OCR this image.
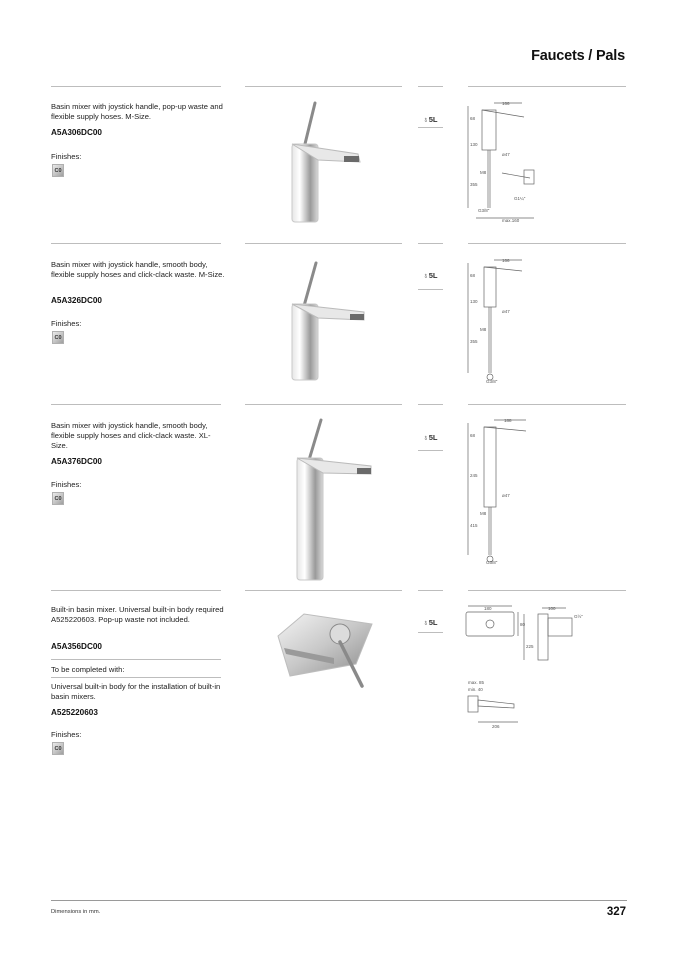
Faucets / Pals
Basin mixer with joystick handle, pop-up waste and flexible supply hoses. M-Size.
A5A306DC00
Finishes:
C0
♁5L
166
68
130
ø47
M8
355
G1¼"
G3/8"
max.160
Basin mixer with joystick handle, smooth body, flexible supply hoses and click-clack waste. M-Size.
A5A326DC00
Finishes:
C0
♁5L
166
68
130
ø47
M8
355
G3/8"
Basin mixer with joystick handle, smooth body, flexible supply hoses and click-clack waste. XL-Size.
A5A376DC00
Finishes:
C0
♁5L
188
68
245
ø47
M8
415
G3/8"
Built-in basin mixer. Universal built-in body required A525220603. Pop-up waste not included.
A5A356DC00
To be completed with:
Universal built-in body for the installation of built-in basin mixers.
A525220603
Finishes:
C0
♁5L
180
80
100
G½"
225
max. 85
min. 40
206
Dimensions in mm.	327
